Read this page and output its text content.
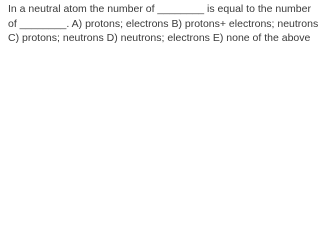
In a neutral atom the number of ________ is equal to the number
of ________. A) protons; electrons B) protons+ electrons; neutrons
C) protons; neutrons D) neutrons; electrons E) none of the above
